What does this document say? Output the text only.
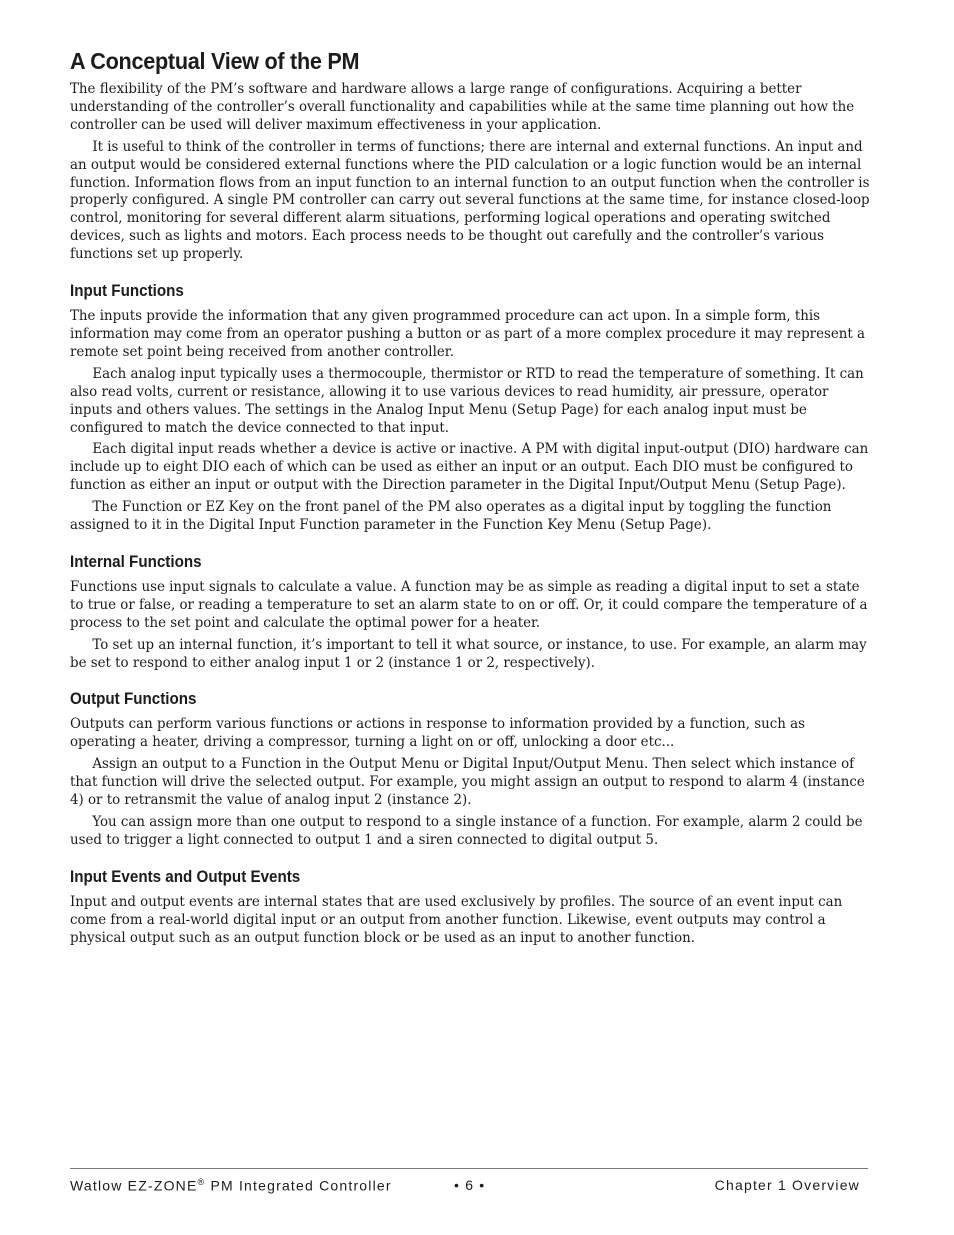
A Conceptual View of the PM

The flexibility of the PM’s software and hardware allows a large range of configurations. Acquiring a better understanding of the controller’s overall functionality and capabilities while at the same time planning out how the controller can be used will deliver maximum effectiveness in your application.

It is useful to think of the controller in terms of functions; there are internal and external functions. An input and an output would be considered external functions where the PID calculation or a logic function would be an internal function. Information flows from an input function to an internal function to an output function when the controller is properly configured. A single PM controller can carry out several functions at the same time, for instance closed-loop control, monitoring for several different alarm situations, performing logical operations and operating switched devices, such as lights and motors. Each process needs to be thought out carefully and the controller’s various functions set up properly.

Input Functions

The inputs provide the information that any given programmed procedure can act upon. In a simple form, this information may come from an operator pushing a button or as part of a more complex procedure it may represent a remote set point being received from another controller.

Each analog input typically uses a thermocouple, thermistor or RTD to read the temperature of something. It can also read volts, current or resistance, allowing it to use various devices to read humidity, air pressure, operator inputs and others values. The settings in the Analog Input Menu (Setup Page) for each analog input must be configured to match the device connected to that input.

Each digital input reads whether a device is active or inactive. A PM with digital input-output (DIO) hardware can include up to eight DIO each of which can be used as either an input or an output. Each DIO must be configured to function as either an input or output with the Direction parameter in the Digital Input/Output Menu (Setup Page).

The Function or EZ Key on the front panel of the PM also operates as a digital input by toggling the function assigned to it in the Digital Input Function parameter in the Function Key Menu (Setup Page).

Internal Functions

Functions use input signals to calculate a value. A function may be as simple as reading a digital input to set a state to true or false, or reading a temperature to set an alarm state to on or off. Or, it could compare the temperature of a process to the set point and calculate the optimal power for a heater.

To set up an internal function, it’s important to tell it what source, or instance, to use. For example, an alarm may be set to respond to either analog input 1 or 2 (instance 1 or 2, respectively).

Output Functions

Outputs can perform various functions or actions in response to information provided by a function, such as operating a heater, driving a compressor, turning a light on or off, unlocking a door etc...

Assign an output to a Function in the Output Menu or Digital Input/Output Menu. Then select which instance of that function will drive the selected output. For example, you might assign an output to respond to alarm 4 (instance 4) or to retransmit the value of analog input 2 (instance 2).

You can assign more than one output to respond to a single instance of a function. For example, alarm 2 could be used to trigger a light connected to output 1 and a siren connected to digital output 5.

Input Events and Output Events

Input and output events are internal states that are used exclusively by profiles. The source of an event input can come from a real-world digital input or an output from another function. Likewise, event outputs may control a physical output such as an output function block or be used as an input to another function.

Watlow EZ-ZONE® PM Integrated Controller	• 6 •	Chapter 1 Overview
